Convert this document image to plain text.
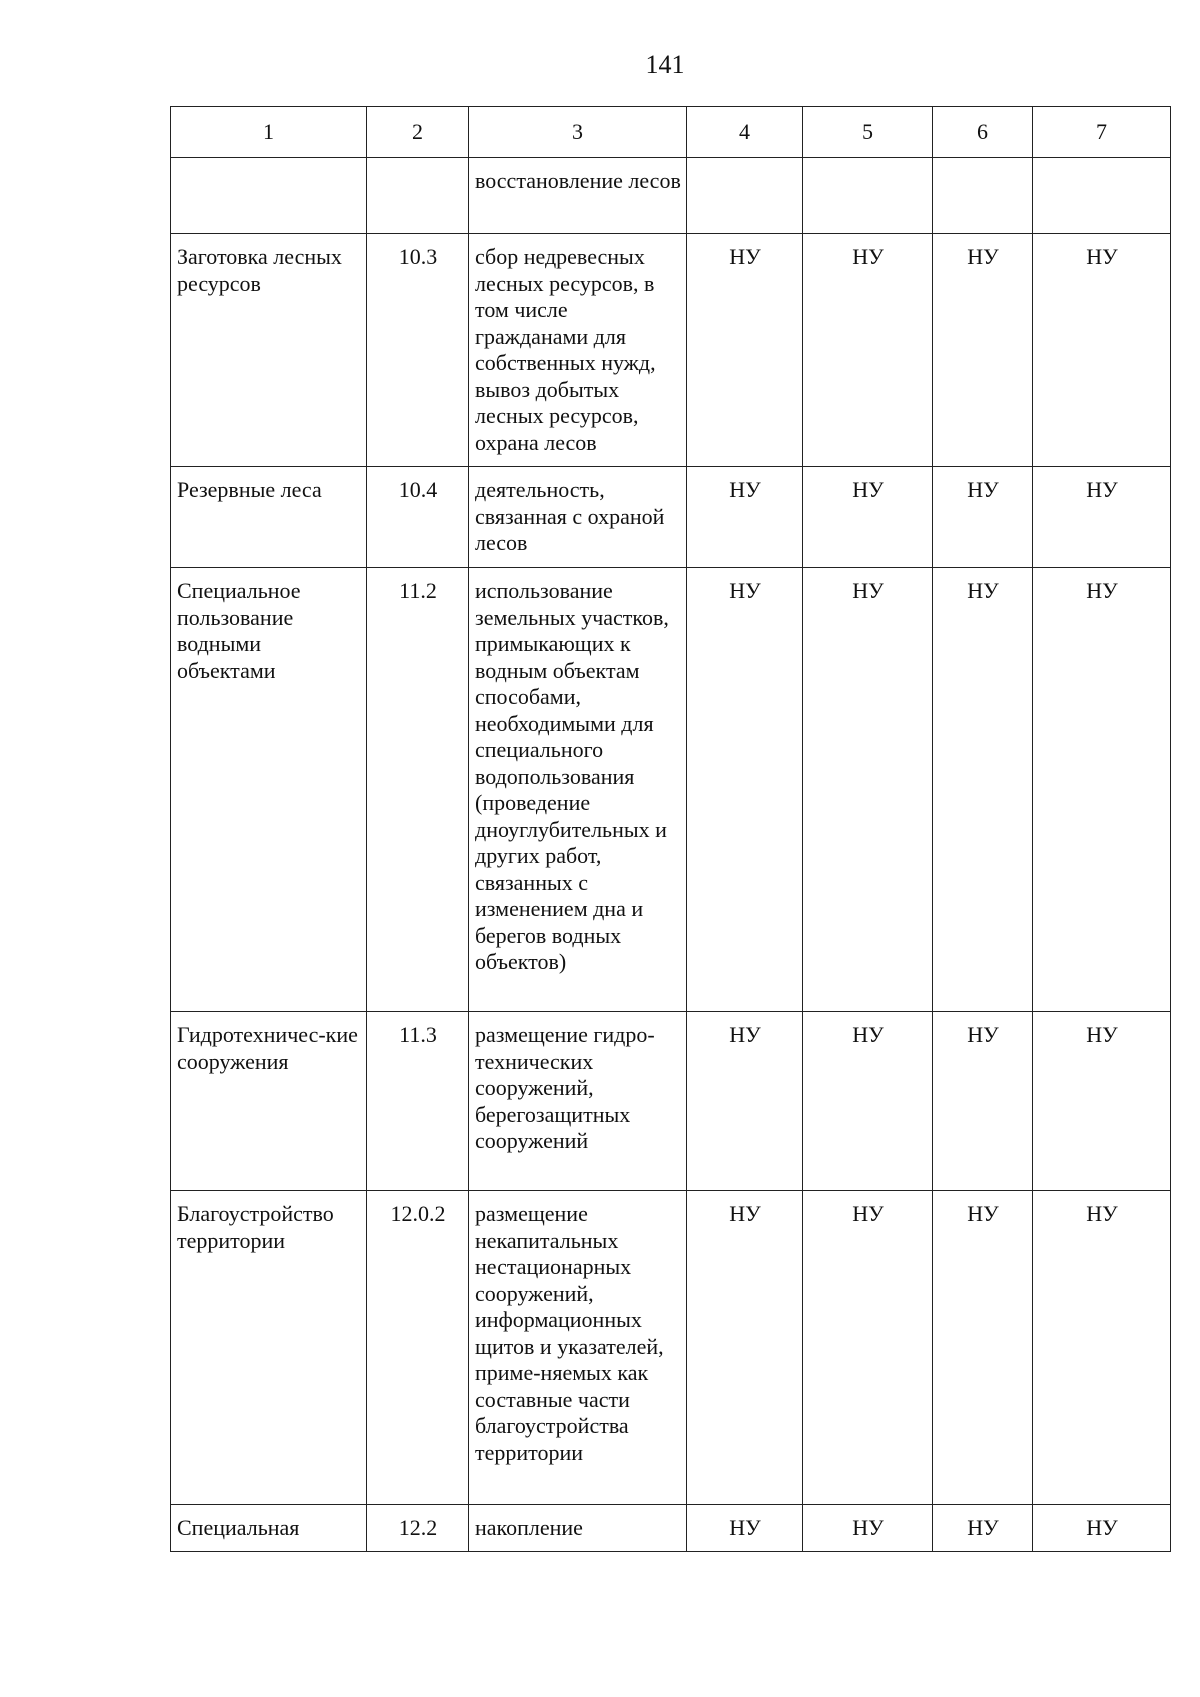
141
1	2	3	4	5	6	7

		восстановление лесов				

Заготовка лесных ресурсов	10.3	сбор недревесных лесных ресурсов, в том числе гражданами для собственных нужд, вывоз добытых лесных ресурсов, охрана лесов	НУ	НУ	НУ	НУ

Резервные леса	10.4	деятельность, связанная с охраной лесов	НУ	НУ	НУ	НУ

Специальное пользование водными объектами	11.2	использование земельных участков, примыкающих к водным объектам способами, необходимыми для специального водопользования (проведение дноуглубительных и других работ, связанных с изменением дна и берегов водных объектов)	НУ	НУ	НУ	НУ

Гидротехничес-кие сооружения	11.3	размещение гидро-технических сооружений, берегозащитных сооружений	НУ	НУ	НУ	НУ

Благоустройство территории	12.0.2	размещение некапитальных нестационарных сооружений, информационных щитов и указателей, приме-няемых как составные части благоустройства территории	НУ	НУ	НУ	НУ

Специальная	12.2	накопление	НУ	НУ	НУ	НУ
